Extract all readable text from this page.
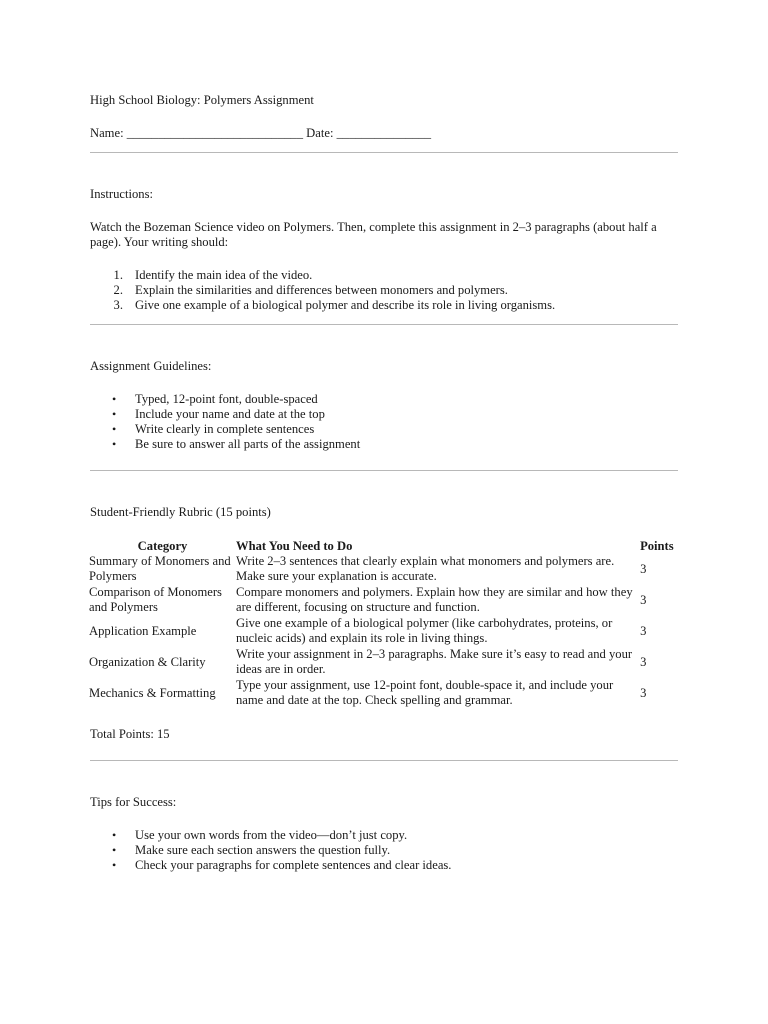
High School Biology: Polymers Assignment

Name: ____________________________ Date: _______________

Instructions:

Watch the Bozeman Science video on Polymers. Then, complete this assignment in 2–3 paragraphs (about half a page). Your writing should:

1. Identify the main idea of the video.
2. Explain the similarities and differences between monomers and polymers.
3. Give one example of a biological polymer and describe its role in living organisms.

Assignment Guidelines:

• Typed, 12-point font, double-spaced
• Include your name and date at the top
• Write clearly in complete sentences
• Be sure to answer all parts of the assignment

Student-Friendly Rubric (15 points)

Category	What You Need to Do	Points
Summary of Monomers and Polymers	Write 2–3 sentences that clearly explain what monomers and polymers are. Make sure your explanation is accurate.	3
Comparison of Monomers and Polymers	Compare monomers and polymers. Explain how they are similar and how they are different, focusing on structure and function.	3
Application Example	Give one example of a biological polymer (like carbohydrates, proteins, or nucleic acids) and explain its role in living things.	3
Organization & Clarity	Write your assignment in 2–3 paragraphs. Make sure it’s easy to read and your ideas are in order.	3
Mechanics & Formatting	Type your assignment, use 12-point font, double-space it, and include your name and date at the top. Check spelling and grammar.	3

Total Points: 15

Tips for Success:

• Use your own words from the video—don’t just copy.
• Make sure each section answers the question fully.
• Check your paragraphs for complete sentences and clear ideas.
